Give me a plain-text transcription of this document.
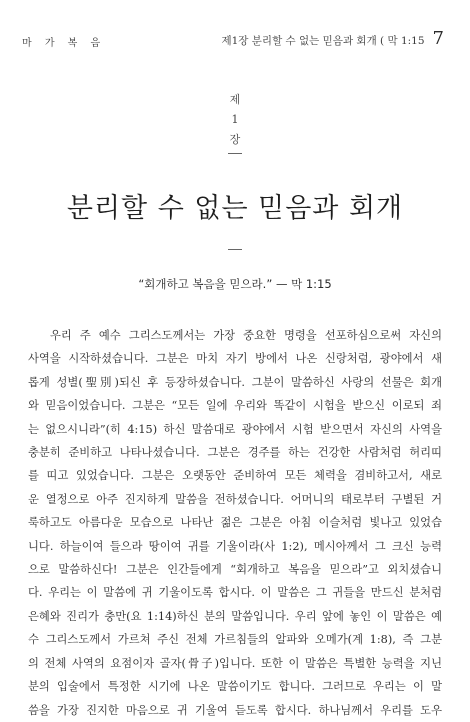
마 가 복 음	제1장 분리할 수 없는 믿음과 회개 ( 막 1:15 7
제
1
장
분리할 수 없는 믿음과 회개
“회개하고 복음을 믿으라.” — 막 1:15
우리 주 예수 그리스도께서는 가장 중요한 명령을 선포하심으로써 자신의
사역을 시작하셨습니다. 그분은 마치 자기 방에서 나온 신랑처럼, 광야에서 새
롭게 성별(聖別)되신 후 등장하셨습니다. 그분이 말씀하신 사랑의 선물은 회개
와 믿음이었습니다. 그분은 “모든 일에 우리와 똑같이 시험을 받으신 이로되 죄
는 없으시니라”(히 4:15) 하신 말씀대로 광야에서 시험 받으면서 자신의 사역을
충분히 준비하고 나타나셨습니다. 그분은 경주를 하는 건강한 사람처럼 허리띠
를 띠고 있었습니다. 그분은 오랫동안 준비하여 모든 체력을 겸비하고서, 새로
운 열정으로 아주 진지하게 말씀을 전하셨습니다. 어머니의 태로부터 구별된 거
룩하고도 아름다운 모습으로 나타난 젊은 그분은 아침 이슬처럼 빛나고 있었습
니다. 하늘이여 들으라 땅이여 귀를 기울이라(사 1:2), 메시아께서 그 크신 능력
으로 말씀하신다! 그분은 인간들에게 “회개하고 복음을 믿으라”고 외치셨습니
다. 우리는 이 말씀에 귀 기울이도록 합시다. 이 말씀은 그 귀들을 만드신 분처럼
은혜와 진리가 충만(요 1:14)하신 분의 말씀입니다. 우리 앞에 놓인 이 말씀은 예
수 그리스도께서 가르쳐 주신 전체 가르침들의 알파와 오메가(계 1:8), 즉 그분
의 전체 사역의 요점이자 골자(骨子)입니다. 또한 이 말씀은 특별한 능력을 지닌
분의 입술에서 특정한 시기에 나온 말씀이기도 합니다. 그러므로 우리는 이 말
씀을 가장 진지한 마음으로 귀 기울여 듣도록 합시다. 하나님께서 우리를 도우
